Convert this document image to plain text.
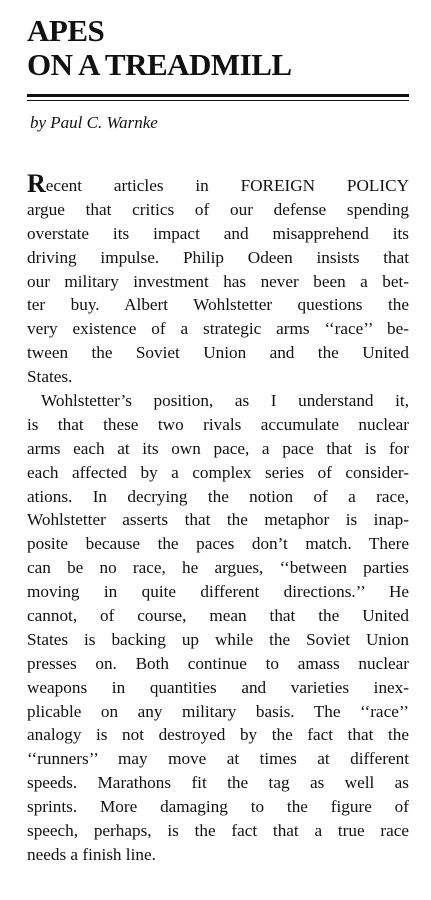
APES
ON A TREADMILL

by Paul C. Warnke

Recent articles in FOREIGN POLICY
argue that critics of our defense spending
overstate its impact and misapprehend its
driving impulse. Philip Odeen insists that
our military investment has never been a bet-
ter buy. Albert Wohlstetter questions the
very existence of a strategic arms ‘‘race’’ be-
tween the Soviet Union and the United
States.
Wohlstetter’s position, as I understand it,
is that these two rivals accumulate nuclear
arms each at its own pace, a pace that is for
each affected by a complex series of consider-
ations. In decrying the notion of a race,
Wohlstetter asserts that the metaphor is inap-
posite because the paces don’t match. There
can be no race, he argues, ‘‘between parties
moving in quite different directions.’’ He
cannot, of course, mean that the United
States is backing up while the Soviet Union
presses on. Both continue to amass nuclear
weapons in quantities and varieties inex-
plicable on any military basis. The ‘‘race’’
analogy is not destroyed by the fact that the
‘‘runners’’ may move at times at different
speeds. Marathons fit the tag as well as
sprints. More damaging to the figure of
speech, perhaps, is the fact that a true race
needs a finish line.
